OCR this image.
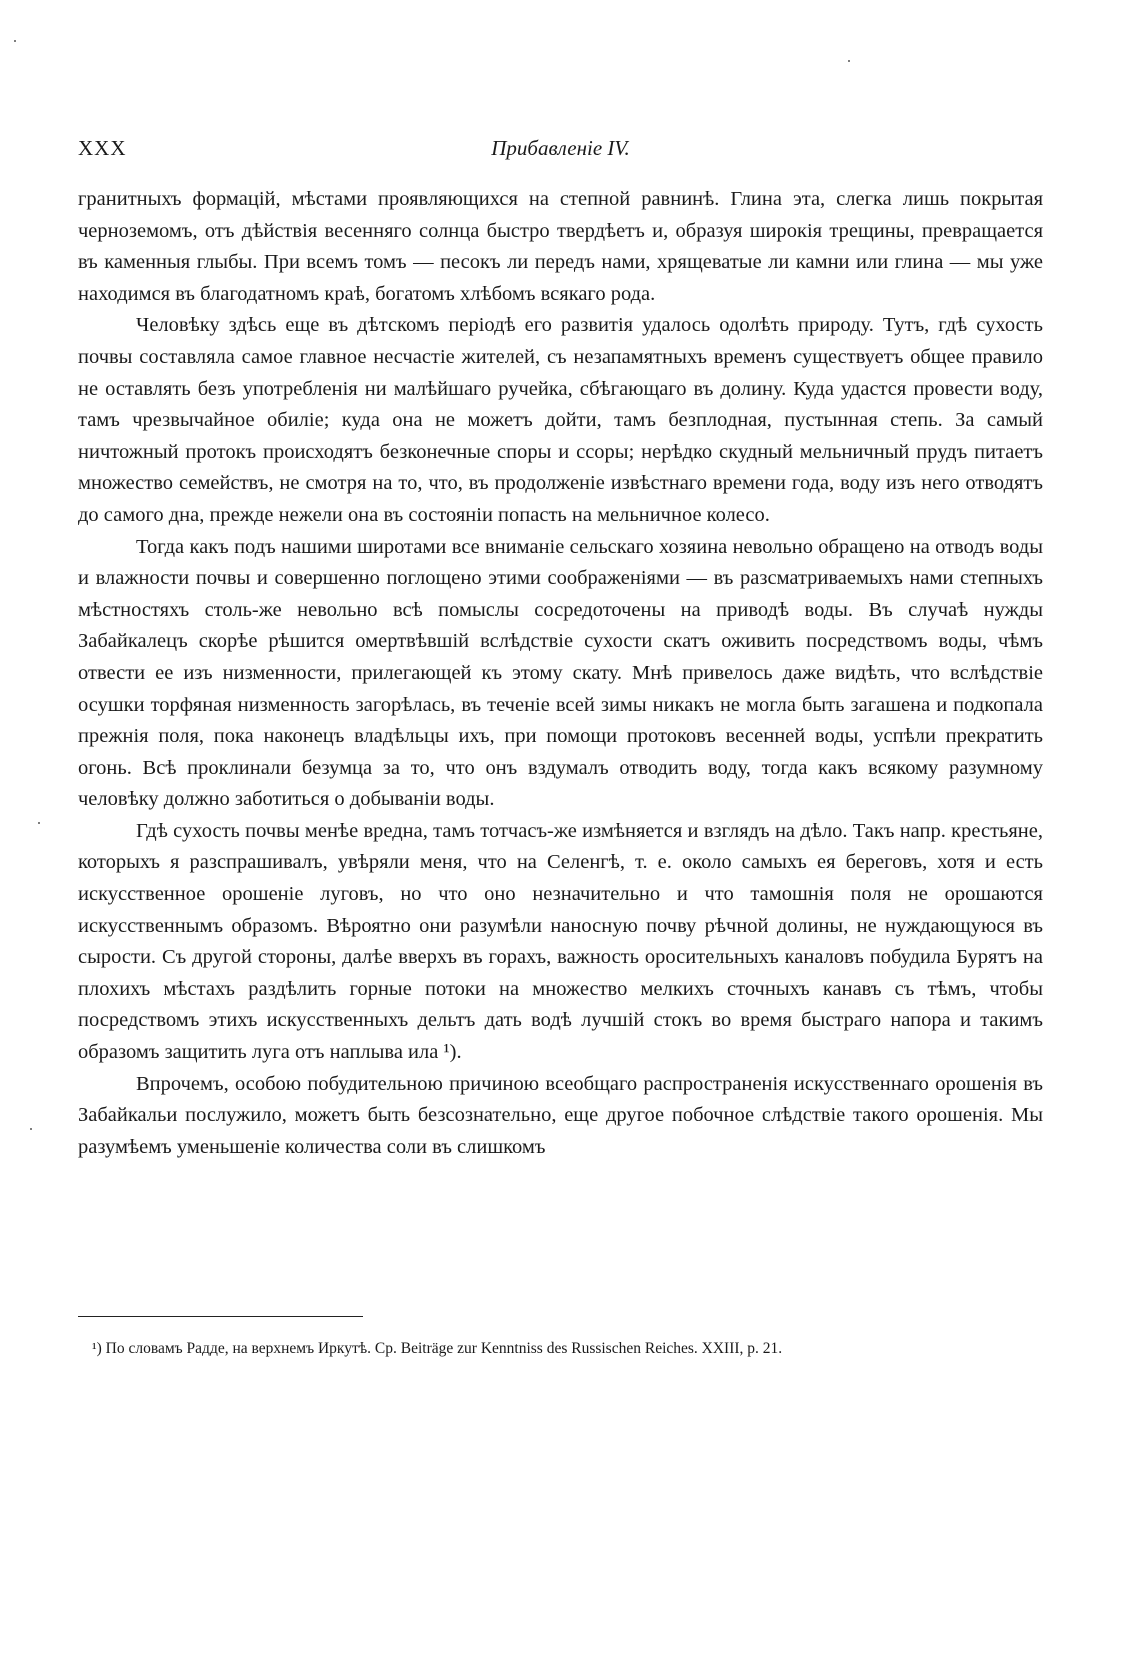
XXX	Прибавленіе IV.

гранитныхъ формацій, мѣстами проявляющихся на степной равнинѣ. Глина эта, слегка лишь покрытая черноземомъ, отъ дѣйствія весенняго солнца быстро твердѣетъ и, образуя широкія трещины, превращается въ каменныя глыбы. При всемъ томъ — песокъ ли передъ нами, хрящеватые ли камни или глина — мы уже находимся въ благодатномъ краѣ, богатомъ хлѣбомъ всякаго рода.

Человѣку здѣсь еще въ дѣтскомъ періодѣ его развитія удалось одолѣть природу. Тутъ, гдѣ сухость почвы составляла самое главное несчастіе жителей, съ незапамятныхъ временъ существуетъ общее правило не оставлять безъ употребленія ни малѣйшаго ручейка, сбѣгающаго въ долину. Куда удастся провести воду, тамъ чрезвычайное обиліе; куда она не можетъ дойти, тамъ безплодная, пустынная степь. За самый ничтожный протокъ происходятъ безконечные споры и ссоры; нерѣдко скудный мельничный прудъ питаетъ множество семействъ, не смотря на то, что, въ продолженіе извѣстнаго времени года, воду изъ него отводятъ до самого дна, прежде нежели она въ состояніи попасть на мельничное колесо.

Тогда какъ подъ нашими широтами все вниманіе сельскаго хозяина невольно обращено на отводъ воды и влажности почвы и совершенно поглощено этими соображеніями — въ разсматриваемыхъ нами степныхъ мѣстностяхъ столь-же невольно всѣ помыслы сосредоточены на приводѣ воды. Въ случаѣ нужды Забайкалецъ скорѣе рѣшится омертвѣвшій вслѣдствіе сухости скатъ оживить посредствомъ воды, чѣмъ отвести ее изъ низменности, прилегающей къ этому скату. Мнѣ привелось даже видѣть, что вслѣдствіе осушки торфяная низменность загорѣлась, въ теченіе всей зимы никакъ не могла быть загашена и подкопала прежнія поля, пока наконецъ владѣльцы ихъ, при помощи протоковъ весенней воды, успѣли прекратить огонь. Всѣ проклинали безумца за то, что онъ вздумалъ отводить воду, тогда какъ всякому разумному человѣку должно заботиться о добываніи воды.

Гдѣ сухость почвы менѣе вредна, тамъ тотчасъ-же измѣняется и взглядъ на дѣло. Такъ напр. крестьяне, которыхъ я разспрашивалъ, увѣряли меня, что на Селенгѣ, т. е. около самыхъ ея береговъ, хотя и есть искусственное орошеніе луговъ, но что оно незначительно и что тамошнія поля не орошаются искусственнымъ образомъ. Вѣроятно они разумѣли наносную почву рѣчной долины, не нуждающуюся въ сырости. Съ другой стороны, далѣе вверхъ въ горахъ, важность оросительныхъ каналовъ побудила Бурятъ на плохихъ мѣстахъ раздѣлить горные потоки на множество мелкихъ сточныхъ канавъ съ тѣмъ, чтобы посредствомъ этихъ искусственныхъ дельтъ дать водѣ лучшій стокъ во время быстраго напора и такимъ образомъ защитить луга отъ наплыва ила ¹).

Впрочемъ, особою побудительною причиною всеобщаго распространенія искусственнаго орошенія въ Забайкальи послужило, можетъ быть безсознательно, еще другое побочное слѣдствіе такого орошенія. Мы разумѣемъ уменьшеніе количества соли въ слишкомъ

¹) По словамъ Радде, на верхнемъ Иркутѣ. Ср. Beiträge zur Kenntniss des Russischen Reiches. XXIII, p. 21.
